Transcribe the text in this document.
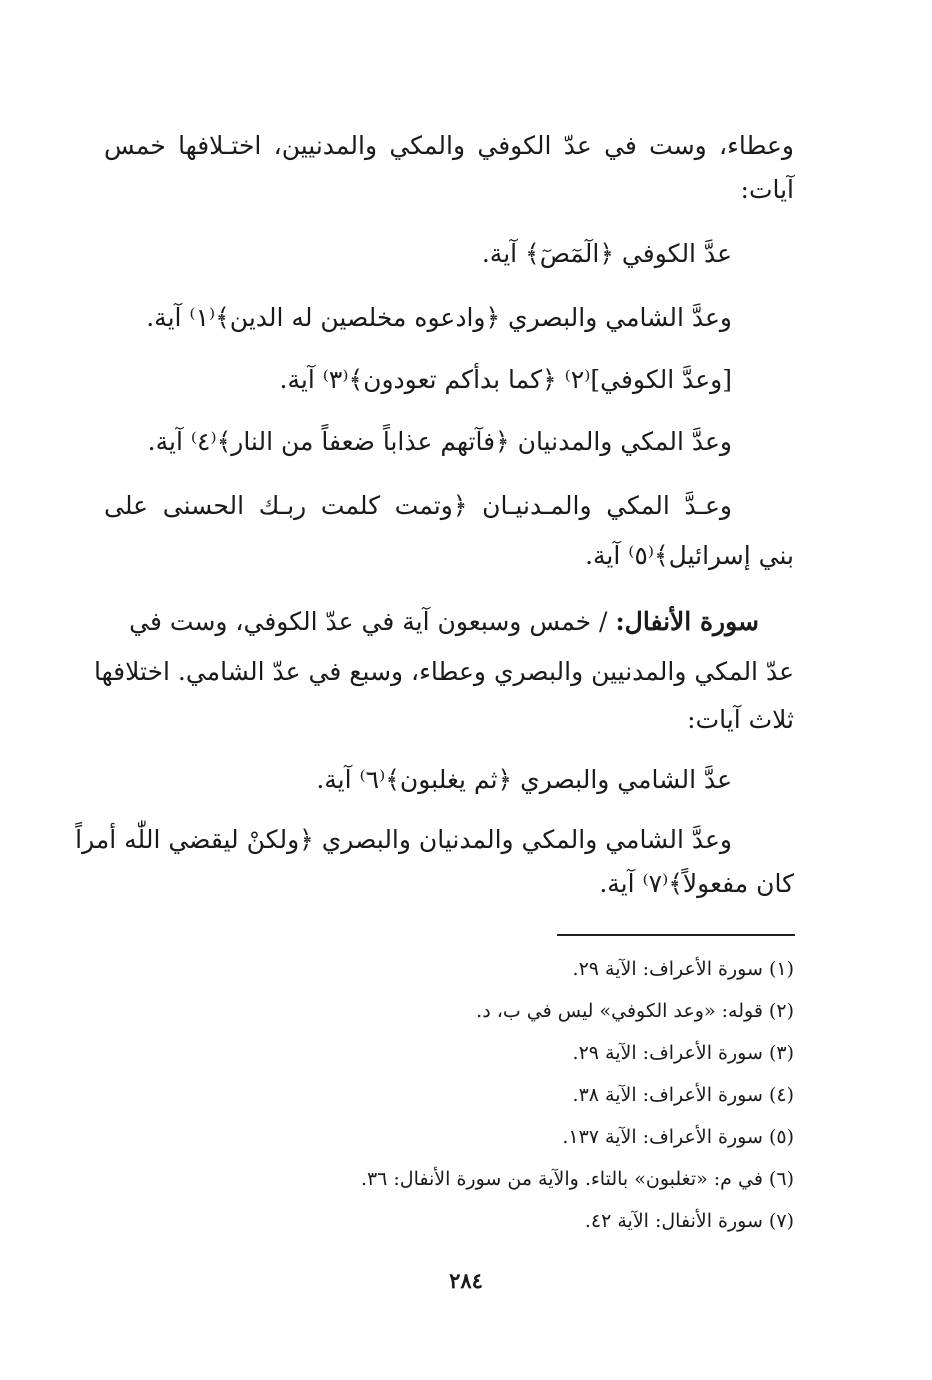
وعطاء، وست في عدّ الكوفي والمكي والمدنيين، اختـلافها خمس
آيات:
عدَّ الكوفي ﴿الٓمٓصٓ﴾ آية.
وعدَّ الشامي والبصري ﴿وادعوه مخلصين له الدين﴾⁽١⁾ آية.
[وعدَّ الكوفي]⁽٢⁾ ﴿كما بدأكم تعودون﴾⁽٣⁾ آية.
وعدَّ المكي والمدنيان ﴿فآتهم عذاباً ضعفاً من النار﴾⁽٤⁾ آية.
وعـدَّ المكي والمـدنيـان ﴿وتمت كلمت ربـك الحسنى على
بني إسرائيل﴾⁽٥⁾ آية.
سورة الأنفال: / خمس وسبعون آية في عدّ الكوفي، وست في
عدّ المكي والمدنيين والبصري وعطاء، وسبع في عدّ الشامي. اختلافها
ثلاث آيات:
عدَّ الشامي والبصري ﴿ثم يغلبون﴾⁽٦⁾ آية.
وعدَّ الشامي والمكي والمدنيان والبصري ﴿ولكنْ ليقضي اللّٰه أمراً
كان مفعولاً﴾⁽٧⁾ آية.
(١) سورة الأعراف: الآية ٢٩.
(٢) قوله: «وعد الكوفي» ليس في ب، د.
(٣) سورة الأعراف: الآية ٢٩.
(٤) سورة الأعراف: الآية ٣٨.
(٥) سورة الأعراف: الآية ١٣٧.
(٦) في م: «تغلبون» بالتاء. والآية من سورة الأنفال: ٣٦.
(٧) سورة الأنفال: الآية ٤٢.
٢٨٤
